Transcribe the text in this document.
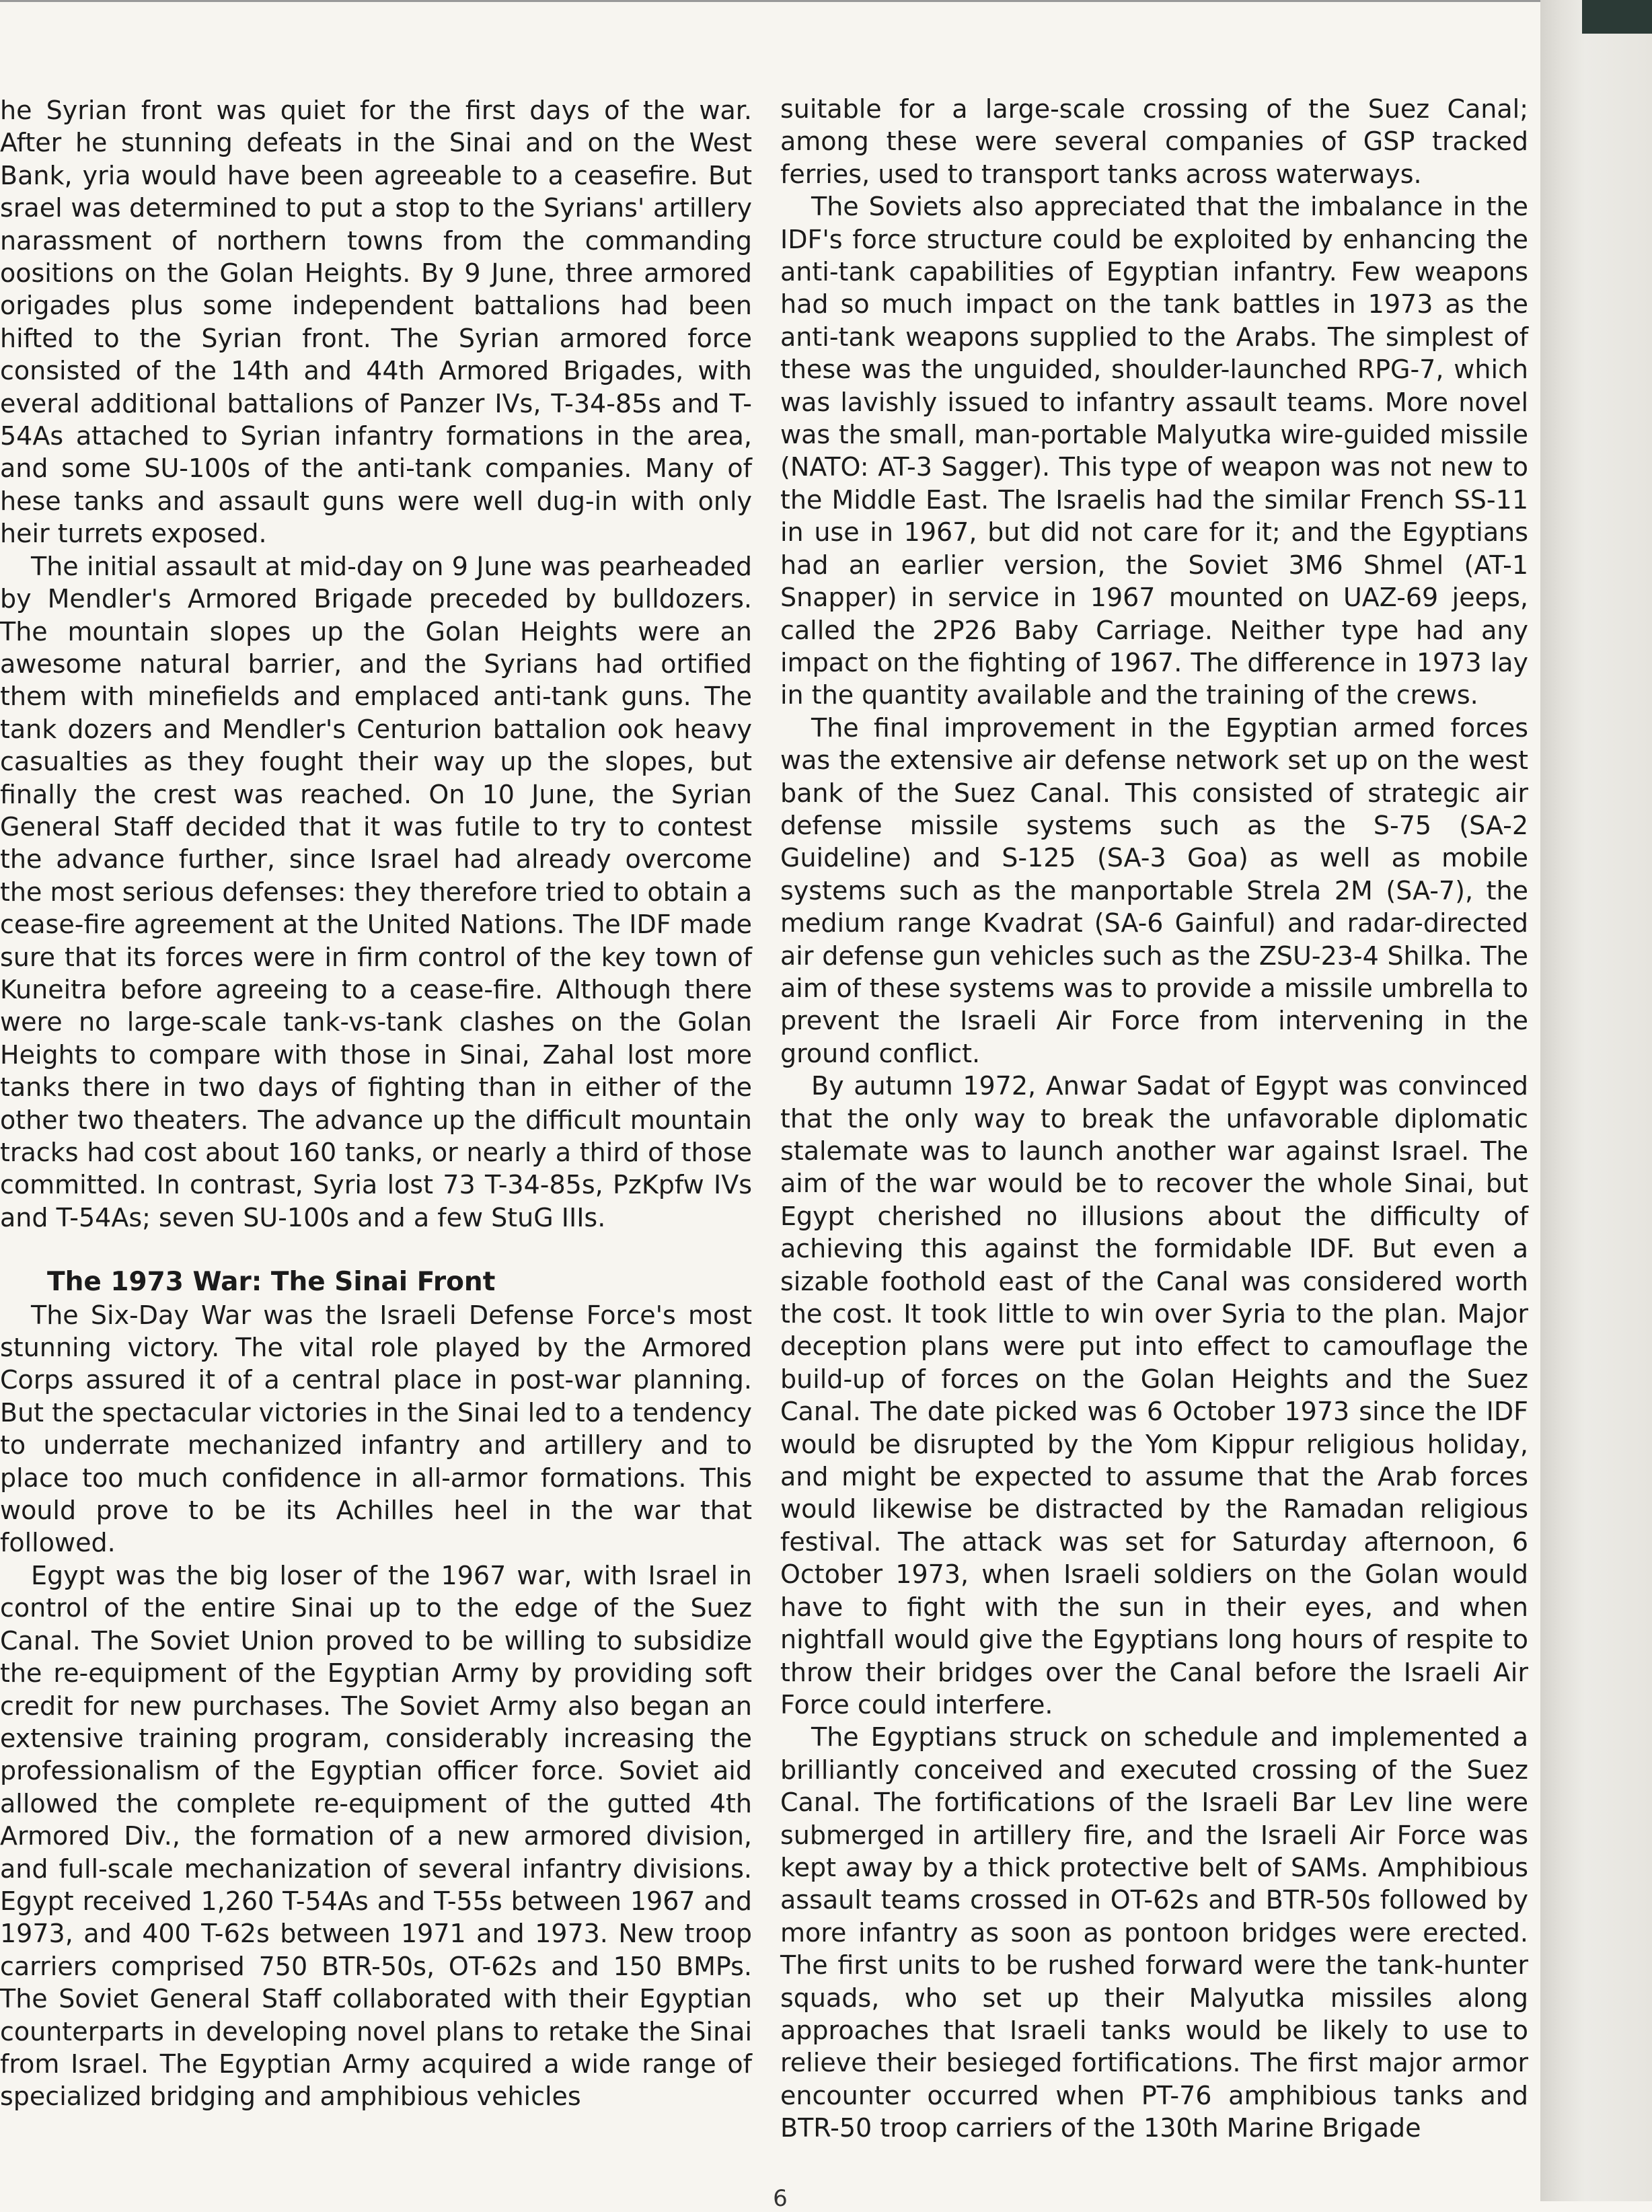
he Syrian front was quiet for the first days of the war. After he stunning defeats in the Sinai and on the West Bank, yria would have been agreeable to a ceasefire. But srael was determined to put a stop to the Syrians' artillery narassment of northern towns from the commanding oositions on the Golan Heights. By 9 June, three armored origades plus some independent battalions had been hifted to the Syrian front. The Syrian armored force consisted of the 14th and 44th Armored Brigades, with everal additional battalions of Panzer IVs, T-34-85s and T-54As attached to Syrian infantry formations in the area, and some SU-100s of the anti-tank companies. Many of hese tanks and assault guns were well dug-in with only heir turrets exposed.

The initial assault at mid-day on 9 June was pearheaded by Mendler's Armored Brigade preceded by bulldozers. The mountain slopes up the Golan Heights were an awesome natural barrier, and the Syrians had ortified them with minefields and emplaced anti-tank guns. The tank dozers and Mendler's Centurion battalion ook heavy casualties as they fought their way up the slopes, but finally the crest was reached. On 10 June, the Syrian General Staff decided that it was futile to try to contest the advance further, since Israel had already overcome the most serious defenses: they therefore tried to obtain a cease-fire agreement at the United Nations. The IDF made sure that its forces were in firm control of the key town of Kuneitra before agreeing to a cease-fire. Although there were no large-scale tank-vs-tank clashes on the Golan Heights to compare with those in Sinai, Zahal lost more tanks there in two days of fighting than in either of the other two theaters. The advance up the difficult mountain tracks had cost about 160 tanks, or nearly a third of those committed. In contrast, Syria lost 73 T-34-85s, PzKpfw IVs and T-54As; seven SU-100s and a few StuG IIIs.

The 1973 War: The Sinai Front

The Six-Day War was the Israeli Defense Force's most stunning victory. The vital role played by the Armored Corps assured it of a central place in post-war planning. But the spectacular victories in the Sinai led to a tendency to underrate mechanized infantry and artillery and to place too much confidence in all-armor formations. This would prove to be its Achilles heel in the war that followed.

Egypt was the big loser of the 1967 war, with Israel in control of the entire Sinai up to the edge of the Suez Canal. The Soviet Union proved to be willing to subsidize the re-equipment of the Egyptian Army by providing soft credit for new purchases. The Soviet Army also began an extensive training program, considerably increasing the professionalism of the Egyptian officer force. Soviet aid allowed the complete re-equipment of the gutted 4th Armored Div., the formation of a new armored division, and full-scale mechanization of several infantry divisions. Egypt received 1,260 T-54As and T-55s between 1967 and 1973, and 400 T-62s between 1971 and 1973. New troop carriers comprised 750 BTR-50s, OT-62s and 150 BMPs. The Soviet General Staff collaborated with their Egyptian counterparts in developing novel plans to retake the Sinai from Israel. The Egyptian Army acquired a wide range of specialized bridging and amphibious vehicles

suitable for a large-scale crossing of the Suez Canal; among these were several companies of GSP tracked ferries, used to transport tanks across waterways.

The Soviets also appreciated that the imbalance in the IDF's force structure could be exploited by enhancing the anti-tank capabilities of Egyptian infantry. Few weapons had so much impact on the tank battles in 1973 as the anti-tank weapons supplied to the Arabs. The simplest of these was the unguided, shoulder-launched RPG-7, which was lavishly issued to infantry assault teams. More novel was the small, man-portable Malyutka wire-guided missile (NATO: AT-3 Sagger). This type of weapon was not new to the Middle East. The Israelis had the similar French SS-11 in use in 1967, but did not care for it; and the Egyptians had an earlier version, the Soviet 3M6 Shmel (AT-1 Snapper) in service in 1967 mounted on UAZ-69 jeeps, called the 2P26 Baby Carriage. Neither type had any impact on the fighting of 1967. The difference in 1973 lay in the quantity available and the training of the crews.

The final improvement in the Egyptian armed forces was the extensive air defense network set up on the west bank of the Suez Canal. This consisted of strategic air defense missile systems such as the S-75 (SA-2 Guideline) and S-125 (SA-3 Goa) as well as mobile systems such as the manportable Strela 2M (SA-7), the medium range Kvadrat (SA-6 Gainful) and radar-directed air defense gun vehicles such as the ZSU-23-4 Shilka. The aim of these systems was to provide a missile umbrella to prevent the Israeli Air Force from intervening in the ground conflict.

By autumn 1972, Anwar Sadat of Egypt was convinced that the only way to break the unfavorable diplomatic stalemate was to launch another war against Israel. The aim of the war would be to recover the whole Sinai, but Egypt cherished no illusions about the difficulty of achieving this against the formidable IDF. But even a sizable foothold east of the Canal was considered worth the cost. It took little to win over Syria to the plan. Major deception plans were put into effect to camouflage the build-up of forces on the Golan Heights and the Suez Canal. The date picked was 6 October 1973 since the IDF would be disrupted by the Yom Kippur religious holiday, and might be expected to assume that the Arab forces would likewise be distracted by the Ramadan religious festival. The attack was set for Saturday afternoon, 6 October 1973, when Israeli soldiers on the Golan would have to fight with the sun in their eyes, and when nightfall would give the Egyptians long hours of respite to throw their bridges over the Canal before the Israeli Air Force could interfere.

The Egyptians struck on schedule and implemented a brilliantly conceived and executed crossing of the Suez Canal. The fortifications of the Israeli Bar Lev line were submerged in artillery fire, and the Israeli Air Force was kept away by a thick protective belt of SAMs. Amphibious assault teams crossed in OT-62s and BTR-50s followed by more infantry as soon as pontoon bridges were erected. The first units to be rushed forward were the tank-hunter squads, who set up their Malyutka missiles along approaches that Israeli tanks would be likely to use to relieve their besieged fortifications. The first major armor encounter occurred when PT-76 amphibious tanks and BTR-50 troop carriers of the 130th Marine Brigade

6
